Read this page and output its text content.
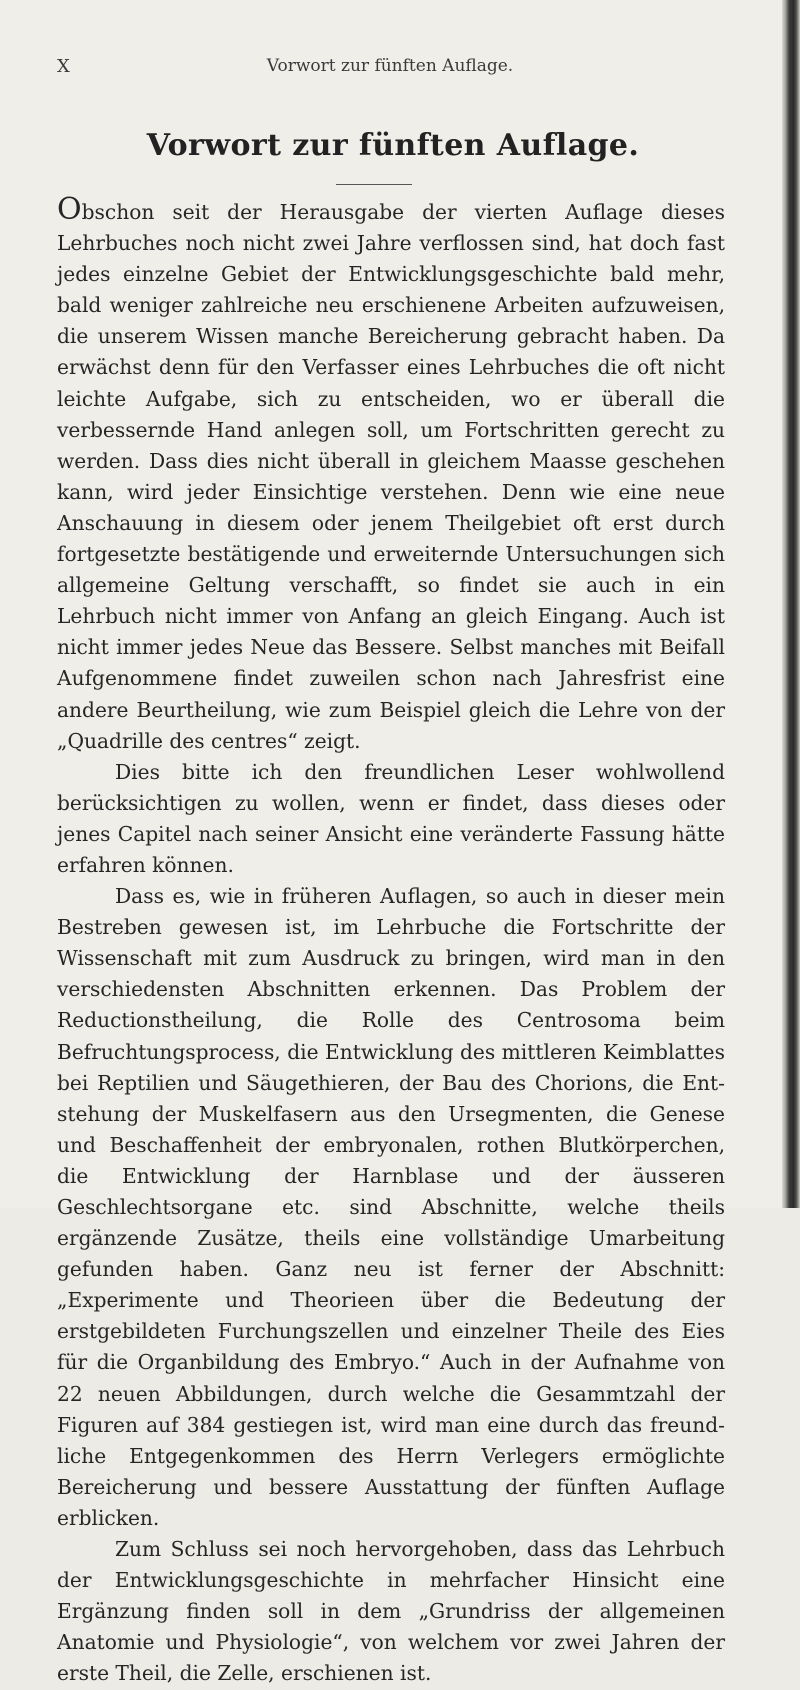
X	Vorwort zur fünften Auflage.
Vorwort zur fünften Auflage.

Obschon seit der Herausgabe der vierten Auflage dieses Lehrbuches noch nicht zwei Jahre verflossen sind, hat doch fast jedes einzelne Gebiet der Entwicklungsgeschichte bald mehr, bald weniger zahlreiche neu erschienene Arbeiten aufzuweisen, die unserem Wissen manche Bereicherung gebracht haben. Da erwächst denn für den Verfasser eines Lehrbuches die oft nicht leichte Aufgabe, sich zu entscheiden, wo er überall die verbessernde Hand anlegen soll, um Fortschritten gerecht zu werden. Dass dies nicht überall in gleichem Maasse geschehen kann, wird jeder Einsichtige verstehen. Denn wie eine neue Anschauung in diesem oder jenem Theilgebiet oft erst durch fortgesetzte bestätigende und erweiternde Untersuchungen sich allgemeine Geltung verschafft, so findet sie auch in ein Lehrbuch nicht immer von Anfang an gleich Eingang. Auch ist nicht immer jedes Neue das Bessere. Selbst manches mit Beifall Aufgenommene findet zuweilen schon nach Jahresfrist eine andere Beurtheilung, wie zum Beispiel gleich die Lehre von der „Quadrille des centres“ zeigt.

Dies bitte ich den freundlichen Leser wohlwollend berücksichtigen zu wollen, wenn er findet, dass dieses oder jenes Capitel nach seiner Ansicht eine veränderte Fassung hätte erfahren können.

Dass es, wie in früheren Auflagen, so auch in dieser mein Bestreben gewesen ist, im Lehrbuche die Fortschritte der Wissenschaft mit zum Ausdruck zu bringen, wird man in den verschiedensten Abschnitten erkennen. Das Problem der Reductionstheilung, die Rolle des Centrosoma beim Befruchtungsprocess, die Entwicklung des mittleren Keimblattes bei Reptilien und Säugethieren, der Bau des Chorions, die Entstehung der Muskelfasern aus den Ursegmenten, die Genese und Beschaffenheit der embryonalen, rothen Blutkörperchen, die Entwicklung der Harnblase und der äusseren Geschlechtsorgane etc. sind Abschnitte, welche theils ergänzende Zusätze, theils eine vollständige Umarbeitung gefunden haben. Ganz neu ist ferner der Abschnitt: „Experimente und Theorieen über die Bedeutung der erstgebildeten Furchungszellen und einzelner Theile des Eies für die Organbildung des Embryo.“ Auch in der Aufnahme von 22 neuen Abbildungen, durch welche die Gesammtzahl der Figuren auf 384 gestiegen ist, wird man eine durch das freundliche Entgegenkommen des Herrn Verlegers ermöglichte Bereicherung und bessere Ausstattung der fünften Auflage erblicken.

Zum Schluss sei noch hervorgehoben, dass das Lehrbuch der Entwicklungsgeschichte in mehrfacher Hinsicht eine Ergänzung finden soll in dem „Grundriss der allgemeinen Anatomie und Physiologie“, von welchem vor zwei Jahren der erste Theil, die Zelle, erschienen ist.
